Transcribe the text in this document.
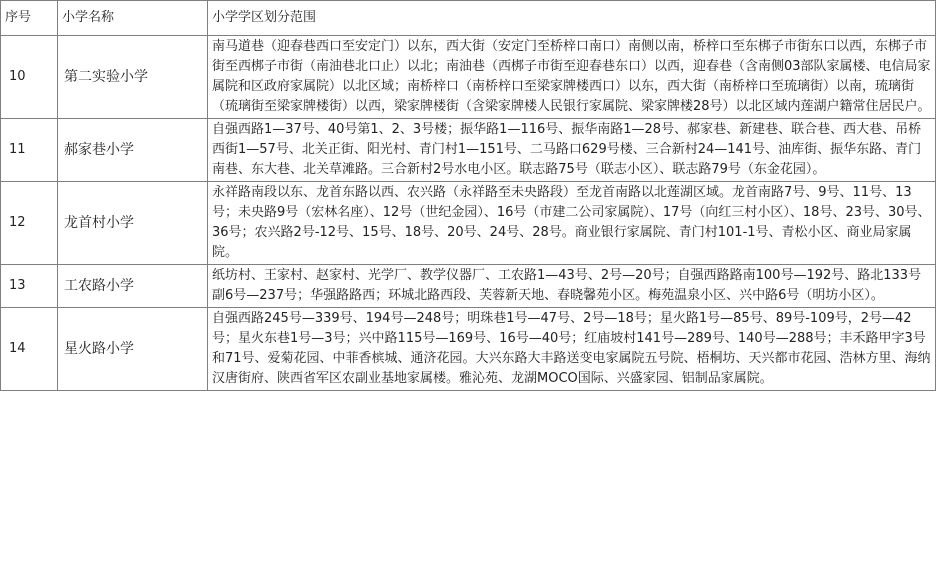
序号	小学名称	小学学区划分范围
10	第二实验小学	南马道巷（迎春巷西口至安定门）以东，西大街（安定门至桥梓口南口）南侧以南，桥梓口至东梆子市街东口以西，东梆子市街至西梆子市街（南油巷北口止）以北；南油巷（西梆子市街至迎春巷东口）以西，迎春巷（含南侧03部队家属楼、电信局家属院和区政府家属院）以北区域；南桥梓口（南桥梓口至梁家牌楼西口）以东，西大街（南桥梓口至琉璃街）以南，琉璃街（琉璃街至梁家牌楼街）以西，梁家牌楼街（含梁家牌楼人民银行家属院、梁家牌楼28号）以北区域内莲湖户籍常住居民户。
11	郝家巷小学	自强西路1—37号、40号第1、2、3号楼；振华路1—116号、振华南路1—28号、郝家巷、新建巷、联合巷、西大巷、吊桥西街1—57号、北关正街、阳光村、青门村1—151号、二马路口629号楼、三合新村24—141号、油库街、振华东路、青门南巷、东大巷、北关草滩路。三合新村2号水电小区。联志路75号（联志小区）、联志路79号（东金花园）。
12	龙首村小学	永祥路南段以东、龙首东路以西、农兴路（永祥路至未央路段）至龙首南路以北莲湖区域。龙首南路7号、9号、11号、13号；未央路9号（宏林名座）、12号（世纪金园）、16号（市建二公司家属院）、17号（向红三村小区）、18号、23号、30号、36号；农兴路2号-12号、15号、18号、20号、24号、28号。商业银行家属院、青门村101-1号、青松小区、商业局家属院。
13	工农路小学	纸坊村、王家村、赵家村、光学厂、教学仪器厂、工农路1—43号、2号—20号；自强西路路南100号—192号、路北133号副6号—237号；华强路路西；环城北路西段、芙蓉新天地、春晓馨苑小区。梅苑温泉小区、兴中路6号（明坊小区）。
14	星火路小学	自强西路245号—339号、194号—248号；明珠巷1号—47号、2号—18号；星火路1号—85号、89号-109号，2号—42号；星火东巷1号—3号；兴中路115号—169号、16号—40号；红庙坡村141号—289号、140号—288号；丰禾路甲字3号和71号、爱菊花园、中菲香槟城、通济花园。大兴东路大丰路送变电家属院五号院、梧桐坊、天兴都市花园、浩林方里、海纳汉唐街府、陕西省军区农副业基地家属楼。雅沁苑、龙湖MOCO国际、兴盛家园、铝制品家属院。
